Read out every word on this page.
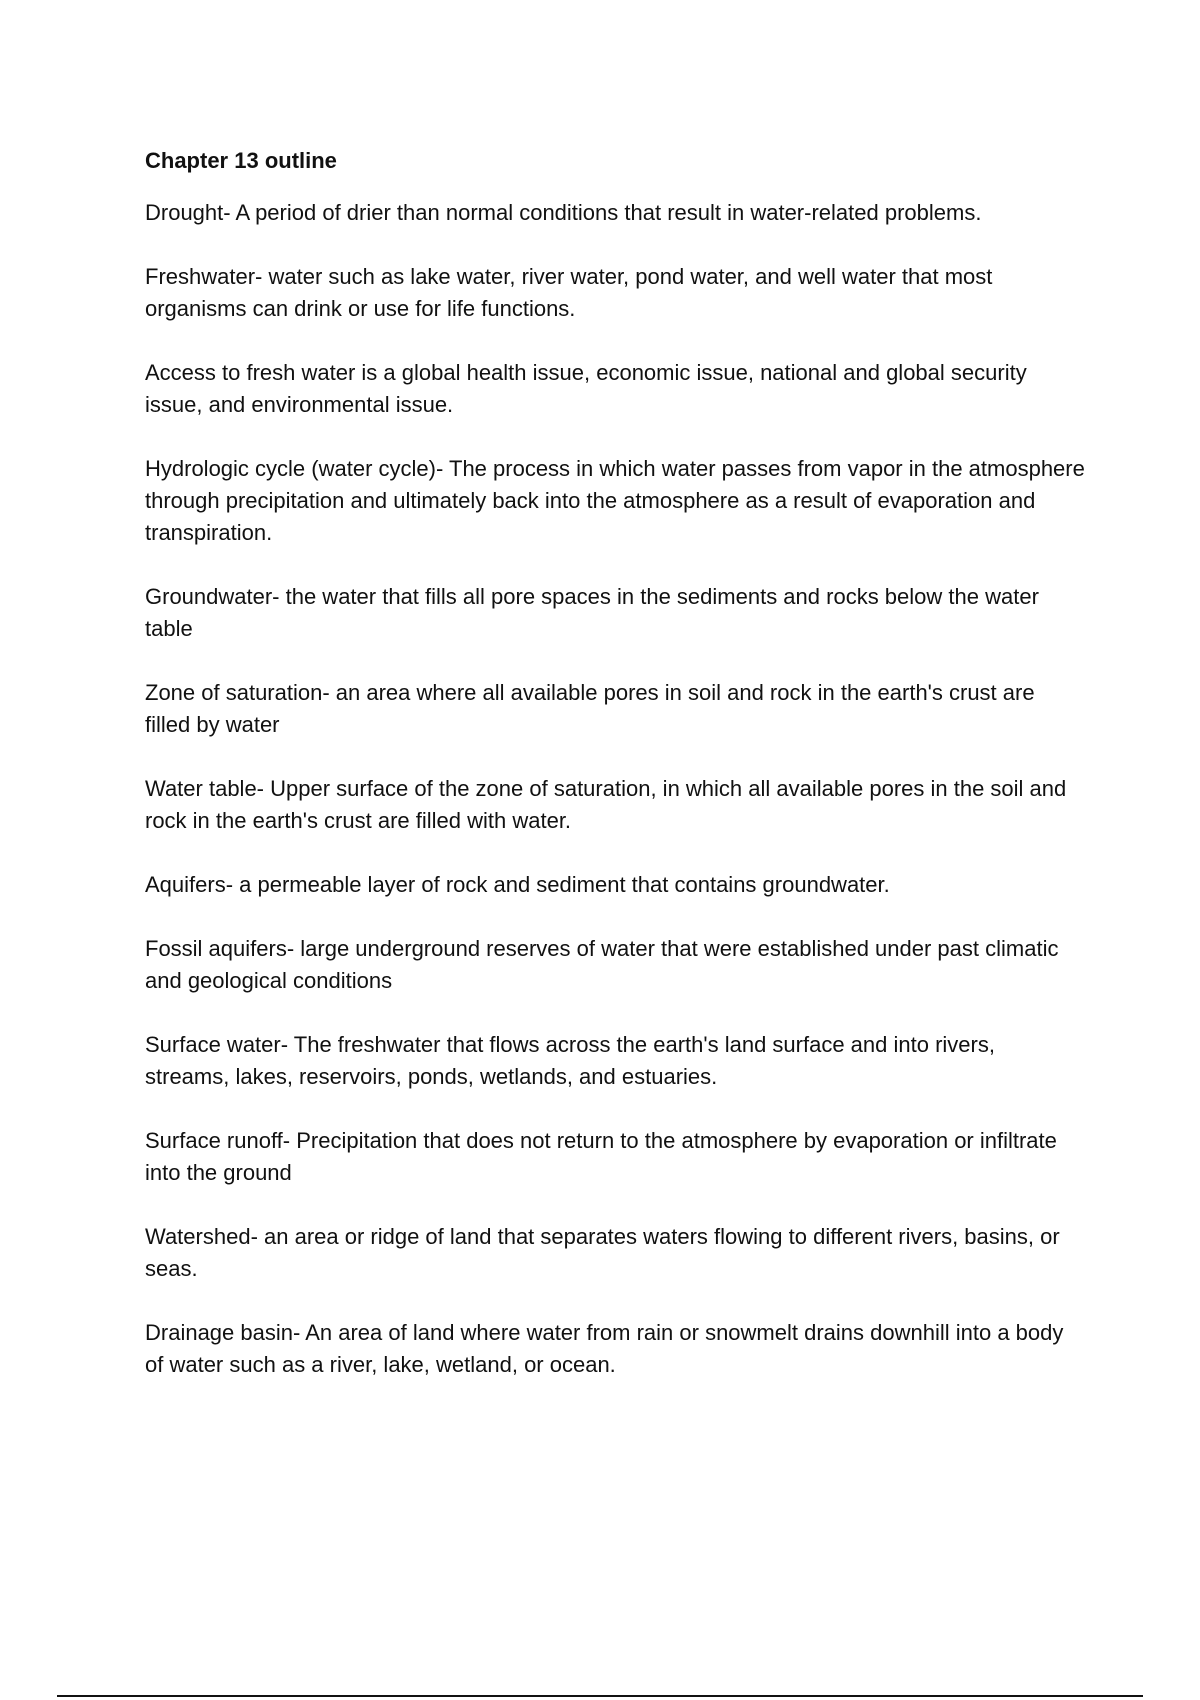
Chapter 13 outline

Drought- A period of drier than normal conditions that result in water-related problems.

Freshwater- water such as lake water, river water, pond water, and well water that most organisms can drink or use for life functions.

Access to fresh water is a global health issue, economic issue, national and global security issue, and environmental issue.

Hydrologic cycle (water cycle)- The process in which water passes from vapor in the atmosphere through precipitation and ultimately back into the atmosphere as a result of evaporation and transpiration.

Groundwater- the water that fills all pore spaces in the sediments and rocks below the water table

Zone of saturation- an area where all available pores in soil and rock in the earth's crust are filled by water

Water table- Upper surface of the zone of saturation, in which all available pores in the soil and rock in the earth's crust are filled with water.

Aquifers- a permeable layer of rock and sediment that contains groundwater.

Fossil aquifers- large underground reserves of water that were established under past climatic and geological conditions

Surface water- The freshwater that flows across the earth's land surface and into rivers, streams, lakes, reservoirs, ponds, wetlands, and estuaries.

Surface runoff- Precipitation that does not return to the atmosphere by evaporation or infiltrate into the ground

Watershed- an area or ridge of land that separates waters flowing to different rivers, basins, or seas.

Drainage basin- An area of land where water from rain or snowmelt drains downhill into a body of water such as a river, lake, wetland, or ocean.
